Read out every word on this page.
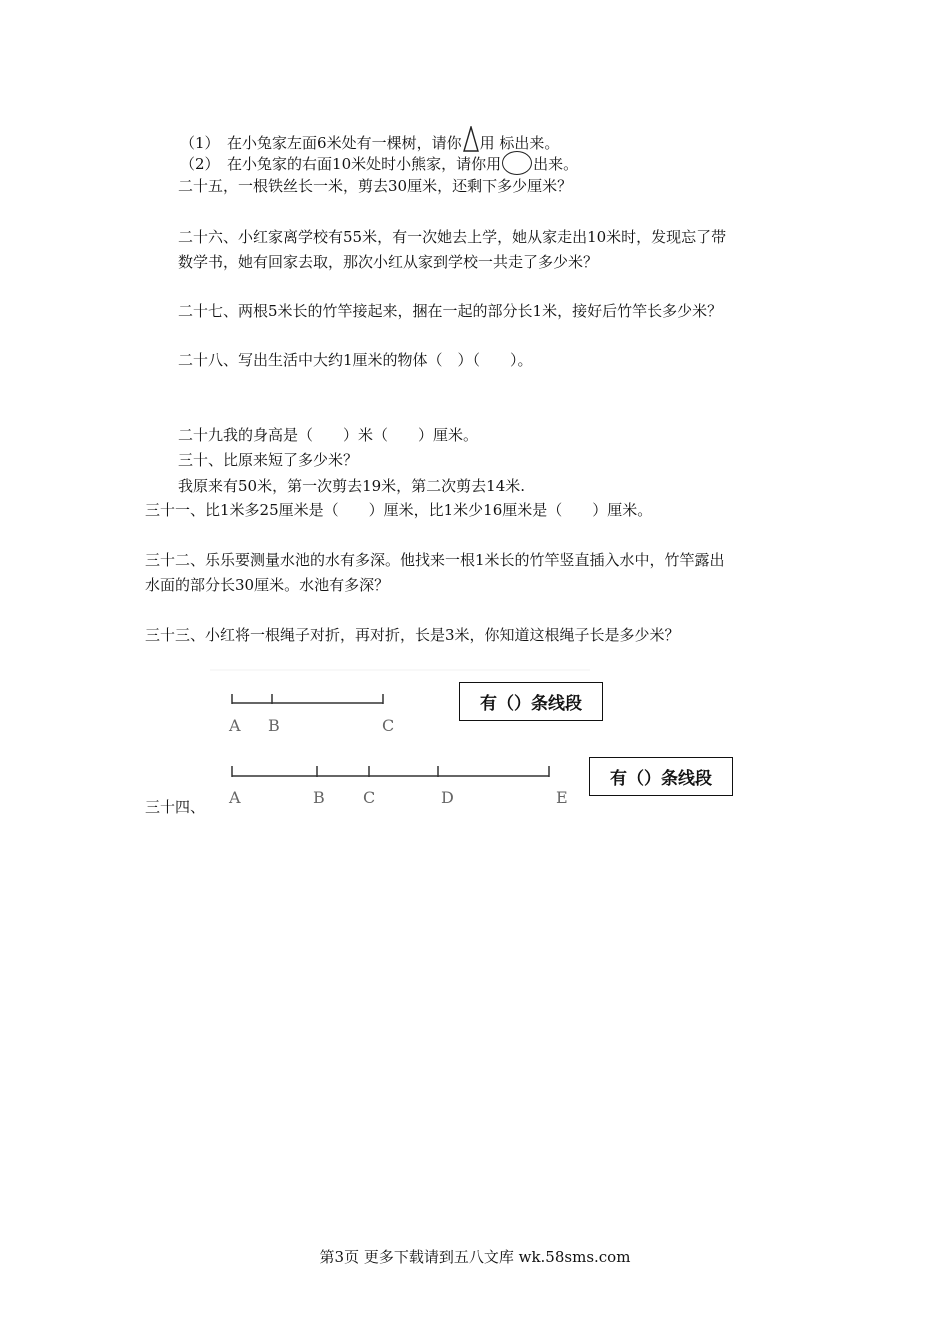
（1）　在小兔家左面6米处有一棵树，请你 用 标出来。
（2）　在小兔家的右面10米处时小熊家，请你用 出来。
二十五，一根铁丝长一米，剪去30厘米，还剩下多少厘米？
二十六、小红家离学校有55米，有一次她去上学，她从家走出10米时，发现忘了带
数学书，她有回家去取，那次小红从家到学校一共走了多少米？
二十七、两根5米长的竹竿接起来，捆在一起的部分长1米，接好后竹竿长多少米？
二十八、写出生活中大约1厘米的物体（　）（　　）。
二十九我的身高是（　　）米（　　）厘米。
三十、比原来短了多少米？
我原来有50米，第一次剪去19米，第二次剪去14米.
三十一、比1米多25厘米是（　　）厘米，比1米少16厘米是（　　）厘米。
三十二、乐乐要测量水池的水有多深。他找来一根1米长的竹竿竖直插入水中，竹竿露出
水面的部分长30厘米。水池有多深？
三十三、小红将一根绳子对折，再对折，长是3米，你知道这根绳子长是多少米？
三十四、
A B	C
A	B C	D	E
有（）条线段
有（）条线段
第3页 更多下载请到五八文库 wk.58sms.com
